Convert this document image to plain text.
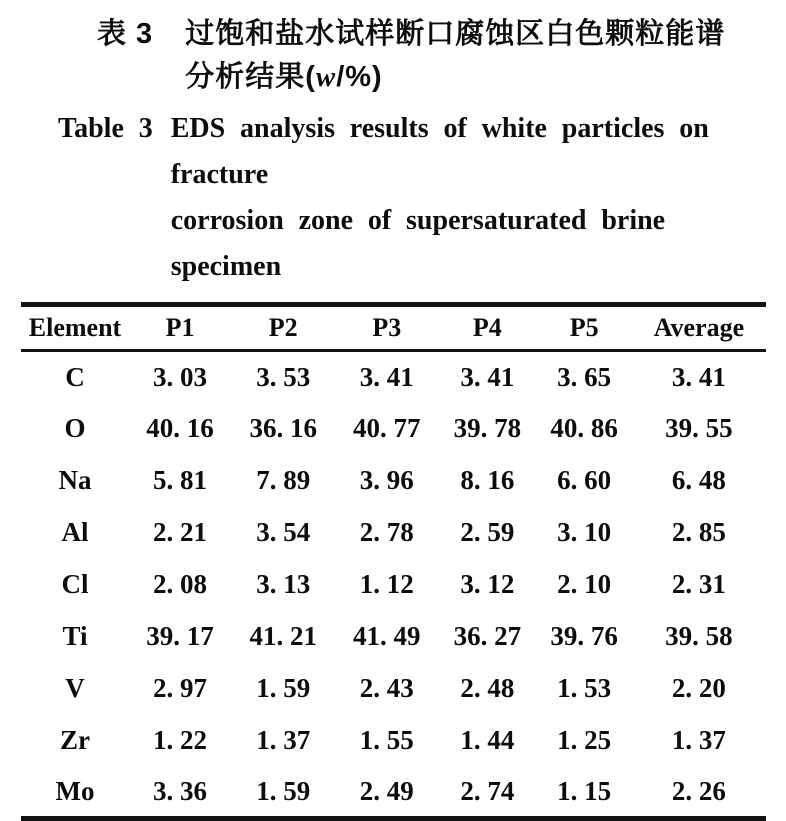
表 3 过饱和盐水试样断口腐蚀区白色颗粒能谱
分析结果(w/%)
Table 3 EDS analysis results of white particles on fracture
corrosion zone of supersaturated brine specimen
Element	P1	P2	P3	P4	P5	Average
C	3. 03	3. 53	3. 41	3. 41	3. 65	3. 41
O	40. 16	36. 16	40. 77	39. 78	40. 86	39. 55
Na	5. 81	7. 89	3. 96	8. 16	6. 60	6. 48
Al	2. 21	3. 54	2. 78	2. 59	3. 10	2. 85
Cl	2. 08	3. 13	1. 12	3. 12	2. 10	2. 31
Ti	39. 17	41. 21	41. 49	36. 27	39. 76	39. 58
V	2. 97	1. 59	2. 43	2. 48	1. 53	2. 20
Zr	1. 22	1. 37	1. 55	1. 44	1. 25	1. 37
Mo	3. 36	1. 59	2. 49	2. 74	1. 15	2. 26
